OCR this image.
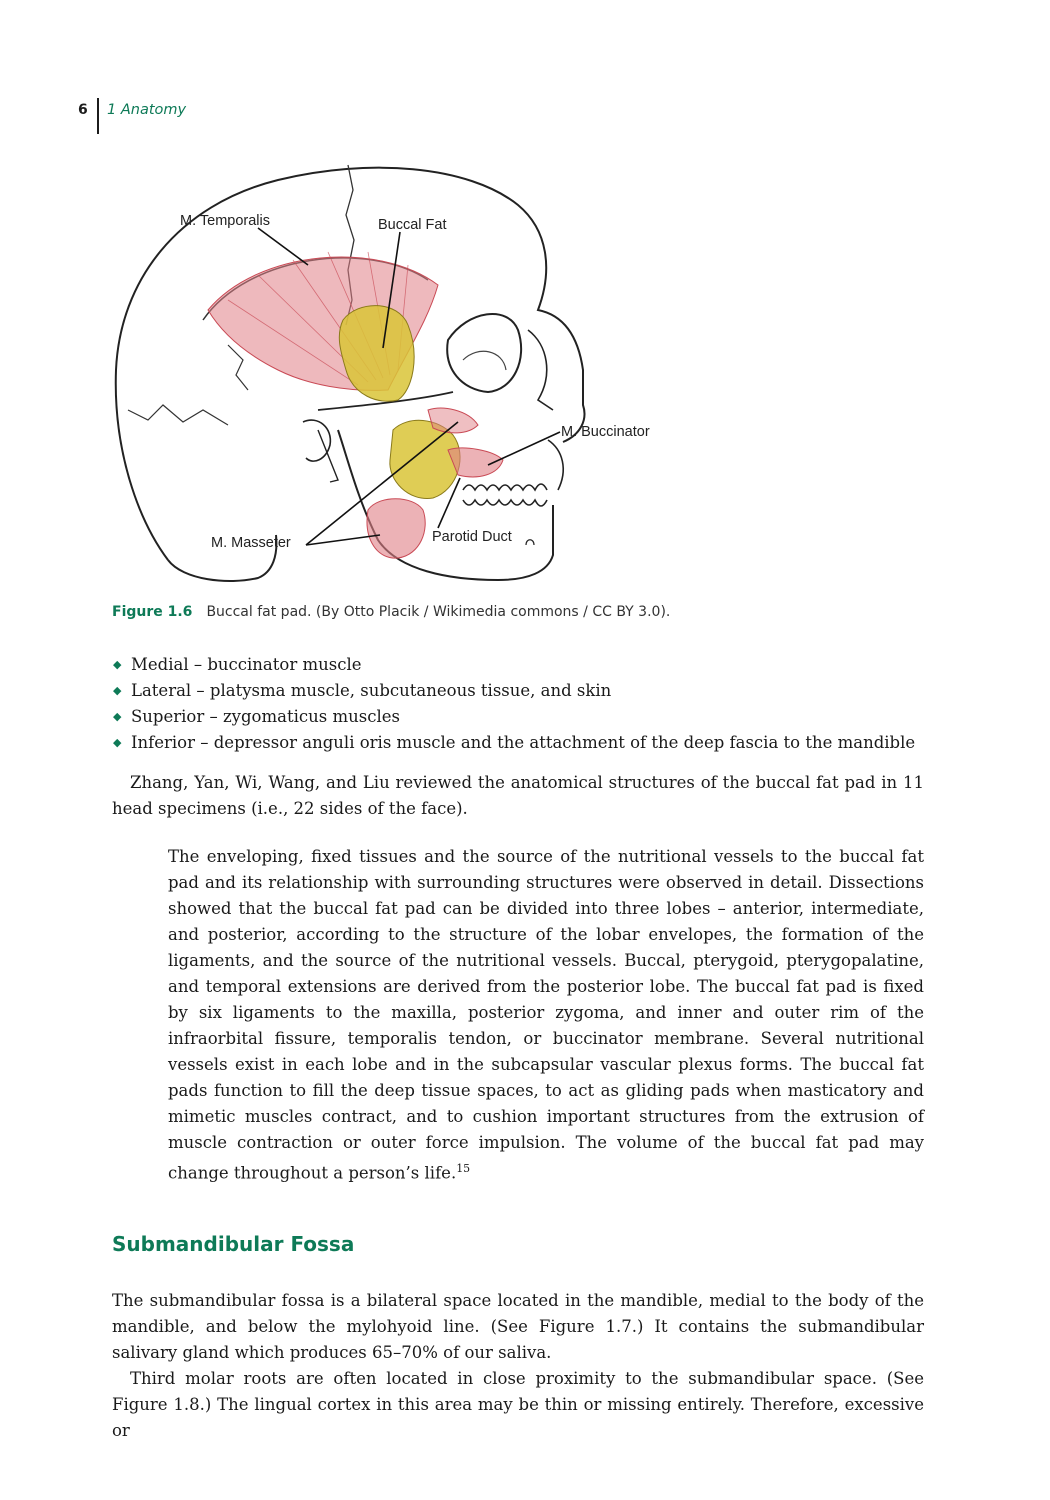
6	1 Anatomy
M. Temporalis	Buccal Fat
M. Buccinator
M. Masseter	Parotid Duct
Figure 1.6 Buccal fat pad. (By Otto Placik / Wikimedia commons / CC BY 3.0).
◆ Medial – buccinator muscle
◆ Lateral – platysma muscle, subcutaneous tissue, and skin
◆ Superior – zygomaticus muscles
◆ Inferior – depressor anguli oris muscle and the attachment of the deep fascia to the mandible

Zhang, Yan, Wi, Wang, and Liu reviewed the anatomical structures of the buccal fat pad in 11 head specimens (i.e., 22 sides of the face).

The enveloping, fixed tissues and the source of the nutritional vessels to the buccal fat pad and its relationship with surrounding structures were observed in detail. Dissections showed that the buccal fat pad can be divided into three lobes – anterior, intermediate, and posterior, according to the structure of the lobar envelopes, the formation of the ligaments, and the source of the nutritional vessels. Buccal, pterygoid, pterygopalatine, and temporal extensions are derived from the posterior lobe. The buccal fat pad is fixed by six ligaments to the maxilla, posterior zygoma, and inner and outer rim of the infraorbital fissure, temporalis tendon, or buccinator membrane. Several nutritional vessels exist in each lobe and in the subcapsular vascular plexus forms. The buccal fat pads function to fill the deep tissue spaces, to act as gliding pads when masticatory and mimetic muscles contract, and to cushion important structures from the extrusion of muscle contraction or outer force impulsion. The volume of the buccal fat pad may change throughout a person’s life.$^{15}$

Submandibular Fossa

The submandibular fossa is a bilateral space located in the mandible, medial to the body of the mandible, and below the mylohyoid line. (See Figure 1.7.) It contains the submandibular salivary gland which produces 65–70% of our saliva.

Third molar roots are often located in close proximity to the submandibular space. (See Figure 1.8.) The lingual cortex in this area may be thin or missing entirely. Therefore, excessive or
